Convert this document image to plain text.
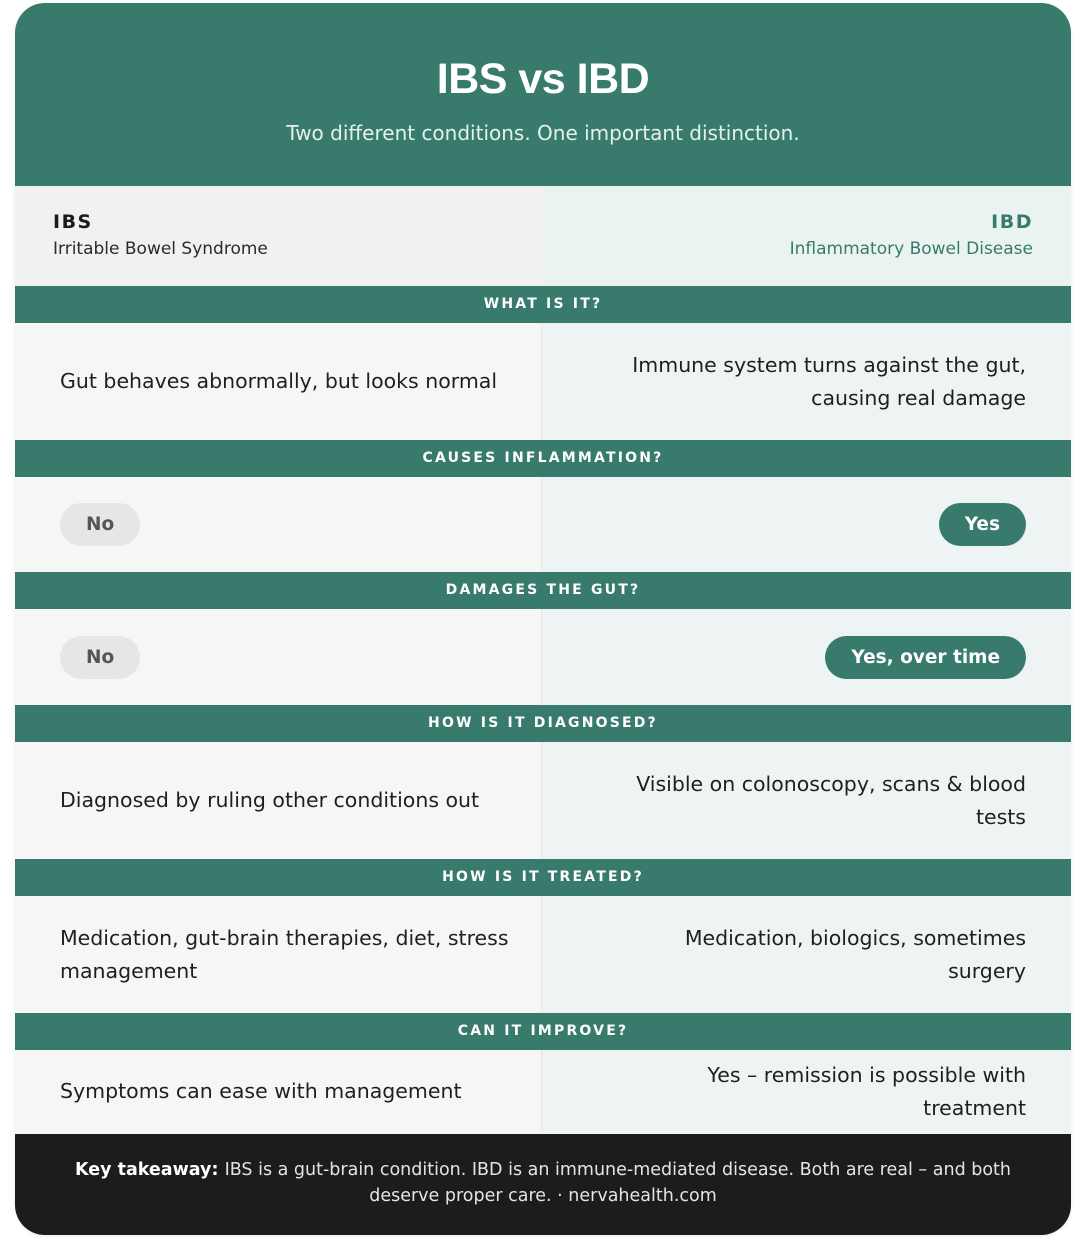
IBS vs IBD
Two different conditions. One important distinction.
IBS
Irritable Bowel Syndrome
IBD
Inflammatory Bowel Disease
WHAT IS IT?
Gut behaves abnormally, but looks normal
Immune system turns against the gut, causing real damage
CAUSES INFLAMMATION?
No	Yes
DAMAGES THE GUT?
No	Yes, over time
HOW IS IT DIAGNOSED?
Diagnosed by ruling other conditions out
Visible on colonoscopy, scans & blood tests
HOW IS IT TREATED?
Medication, gut-brain therapies, diet, stress management
Medication, biologics, sometimes surgery
CAN IT IMPROVE?
Symptoms can ease with management
Yes – remission is possible with treatment
Key takeaway: IBS is a gut-brain condition. IBD is an immune-mediated disease. Both are real – and both deserve proper care. · nervahealth.com
